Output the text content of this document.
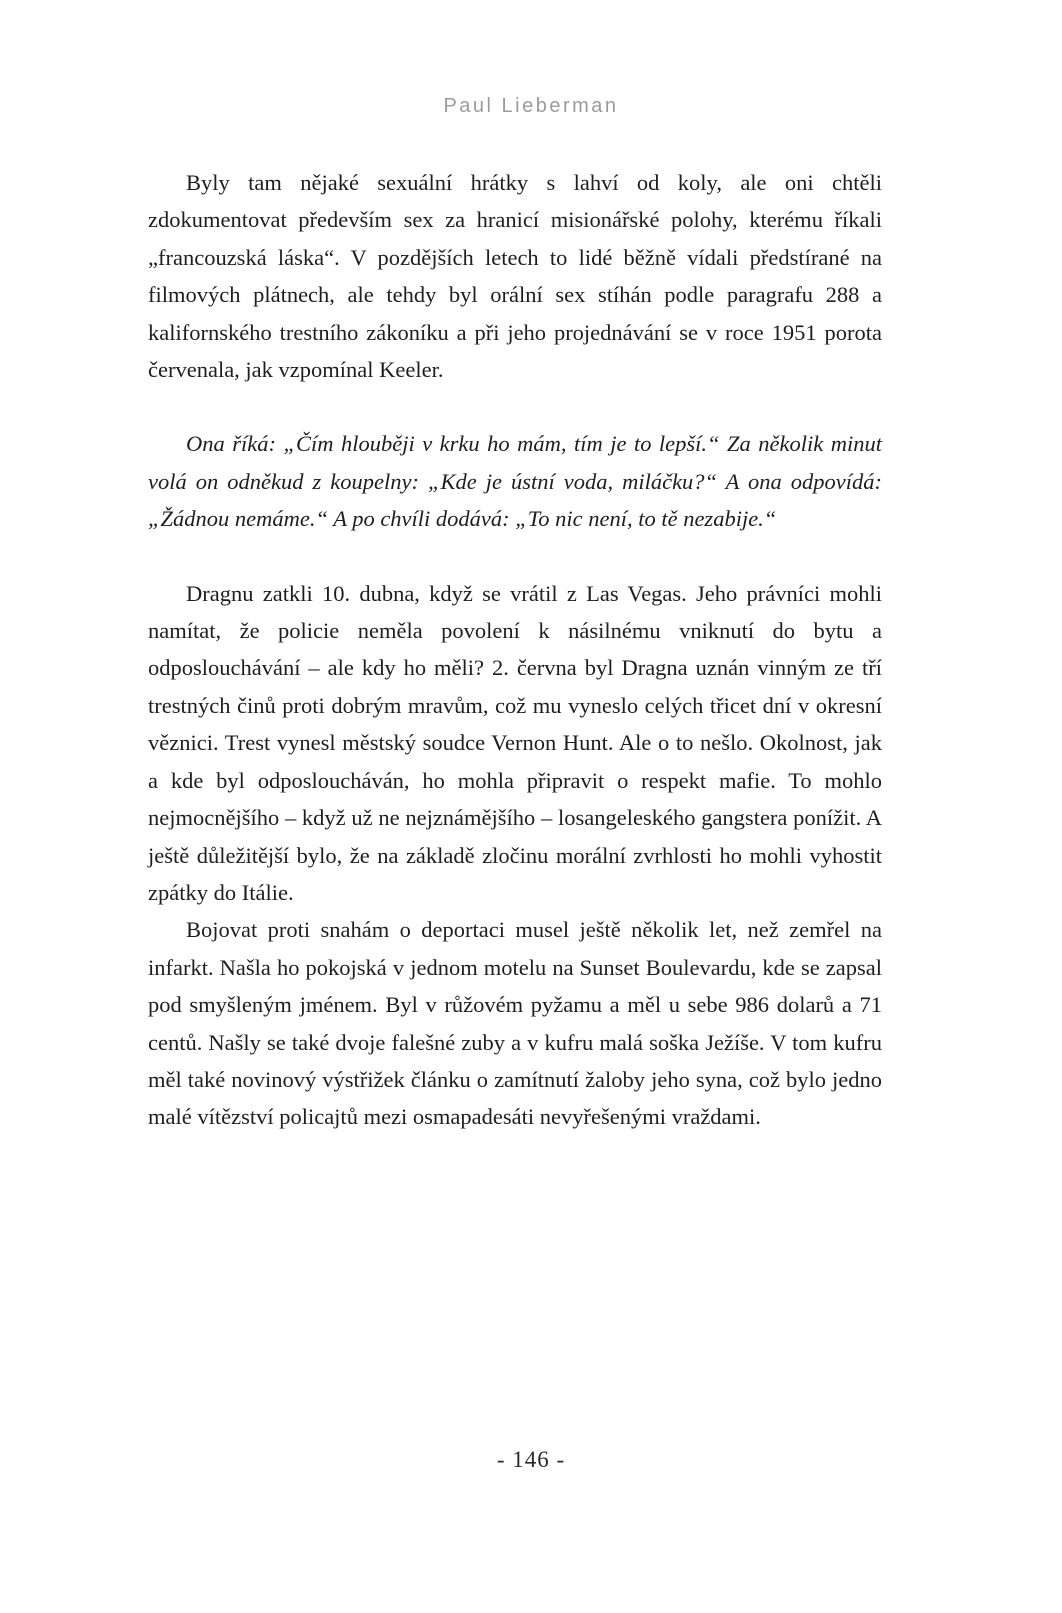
Paul Lieberman

Byly tam nějaké sexuální hrátky s lahví od koly, ale oni chtěli zdokumentovat především sex za hranicí misionářské polohy, kterému říkali „francouzská láska“. V pozdějších letech to lidé běžně vídali předstírané na filmových plátnech, ale tehdy byl orální sex stíhán podle paragrafu 288 a kalifornského trestního zákoníku a při jeho projednávání se v roce 1951 porota červenala, jak vzpomínal Keeler.

Ona říká: „Čím hlouběji v krku ho mám, tím je to lepší.“ Za několik minut volá on odněkud z koupelny: „Kde je ústní voda, miláčku?“ A ona odpovídá: „Žádnou nemáme.“ A po chvíli dodává: „To nic není, to tě nezabije.“

Dragnu zatkli 10. dubna, když se vrátil z Las Vegas. Jeho právníci mohli namítat, že policie neměla povolení k násilnému vniknutí do bytu a odposlouchávání – ale kdy ho měli? 2. června byl Dragna uznán vinným ze tří trestných činů proti dobrým mravům, což mu vyneslo celých třicet dní v okresní věznici. Trest vynesl městský soudce Vernon Hunt. Ale o to nešlo. Okolnost, jak a kde byl odposloucháván, ho mohla připravit o respekt mafie. To mohlo nejmocnějšího – když už ne nejznámějšího – losangeleského gangstera ponížit. A ještě důležitější bylo, že na základě zločinu morální zvrhlosti ho mohli vyhostit zpátky do Itálie.

Bojovat proti snahám o deportaci musel ještě několik let, než zemřel na infarkt. Našla ho pokojská v jednom motelu na Sunset Boulevardu, kde se zapsal pod smyšleným jménem. Byl v růžovém pyžamu a měl u sebe 986 dolarů a 71 centů. Našly se také dvoje falešné zuby a v kufru malá soška Ježíše. V tom kufru měl také novinový výstřižek článku o zamítnutí žaloby jeho syna, což bylo jedno malé vítězství policajtů mezi osmapadesáti nevyřešenými vraždami.

- 146 -
